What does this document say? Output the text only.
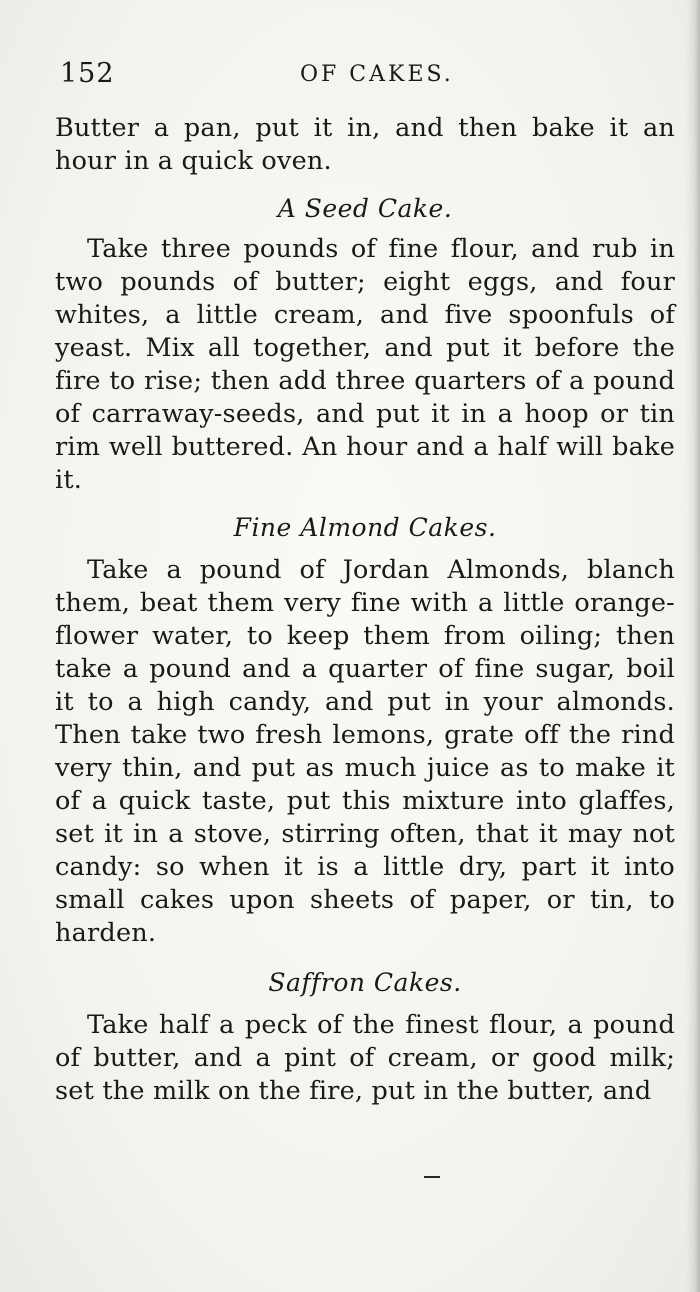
152	OF CAKES.

Butter a pan, put it in, and then bake it an hour in a quick oven.

A Seed Cake.

Take three pounds of fine flour, and rub in two pounds of butter; eight eggs, and four whites, a little cream, and five spoonfuls of yeast. Mix all together, and put it before the fire to rise; then add three quarters of a pound of carraway-seeds, and put it in a hoop or tin rim well buttered. An hour and a half will bake it.

Fine Almond Cakes.

Take a pound of Jordan Almonds, blanch them, beat them very fine with a little orange-flower water, to keep them from oiling; then take a pound and a quarter of fine sugar, boil it to a high candy, and put in your almonds. Then take two fresh lemons, grate off the rind very thin, and put as much juice as to make it of a quick taste, put this mixture into glaffes, set it in a stove, stirring often, that it may not candy: so when it is a little dry, part it into small cakes upon sheets of paper, or tin, to harden.

Saffron Cakes.

Take half a peck of the finest flour, a pound of butter, and a pint of cream, or good milk; set the milk on the fire, put in the butter, and
